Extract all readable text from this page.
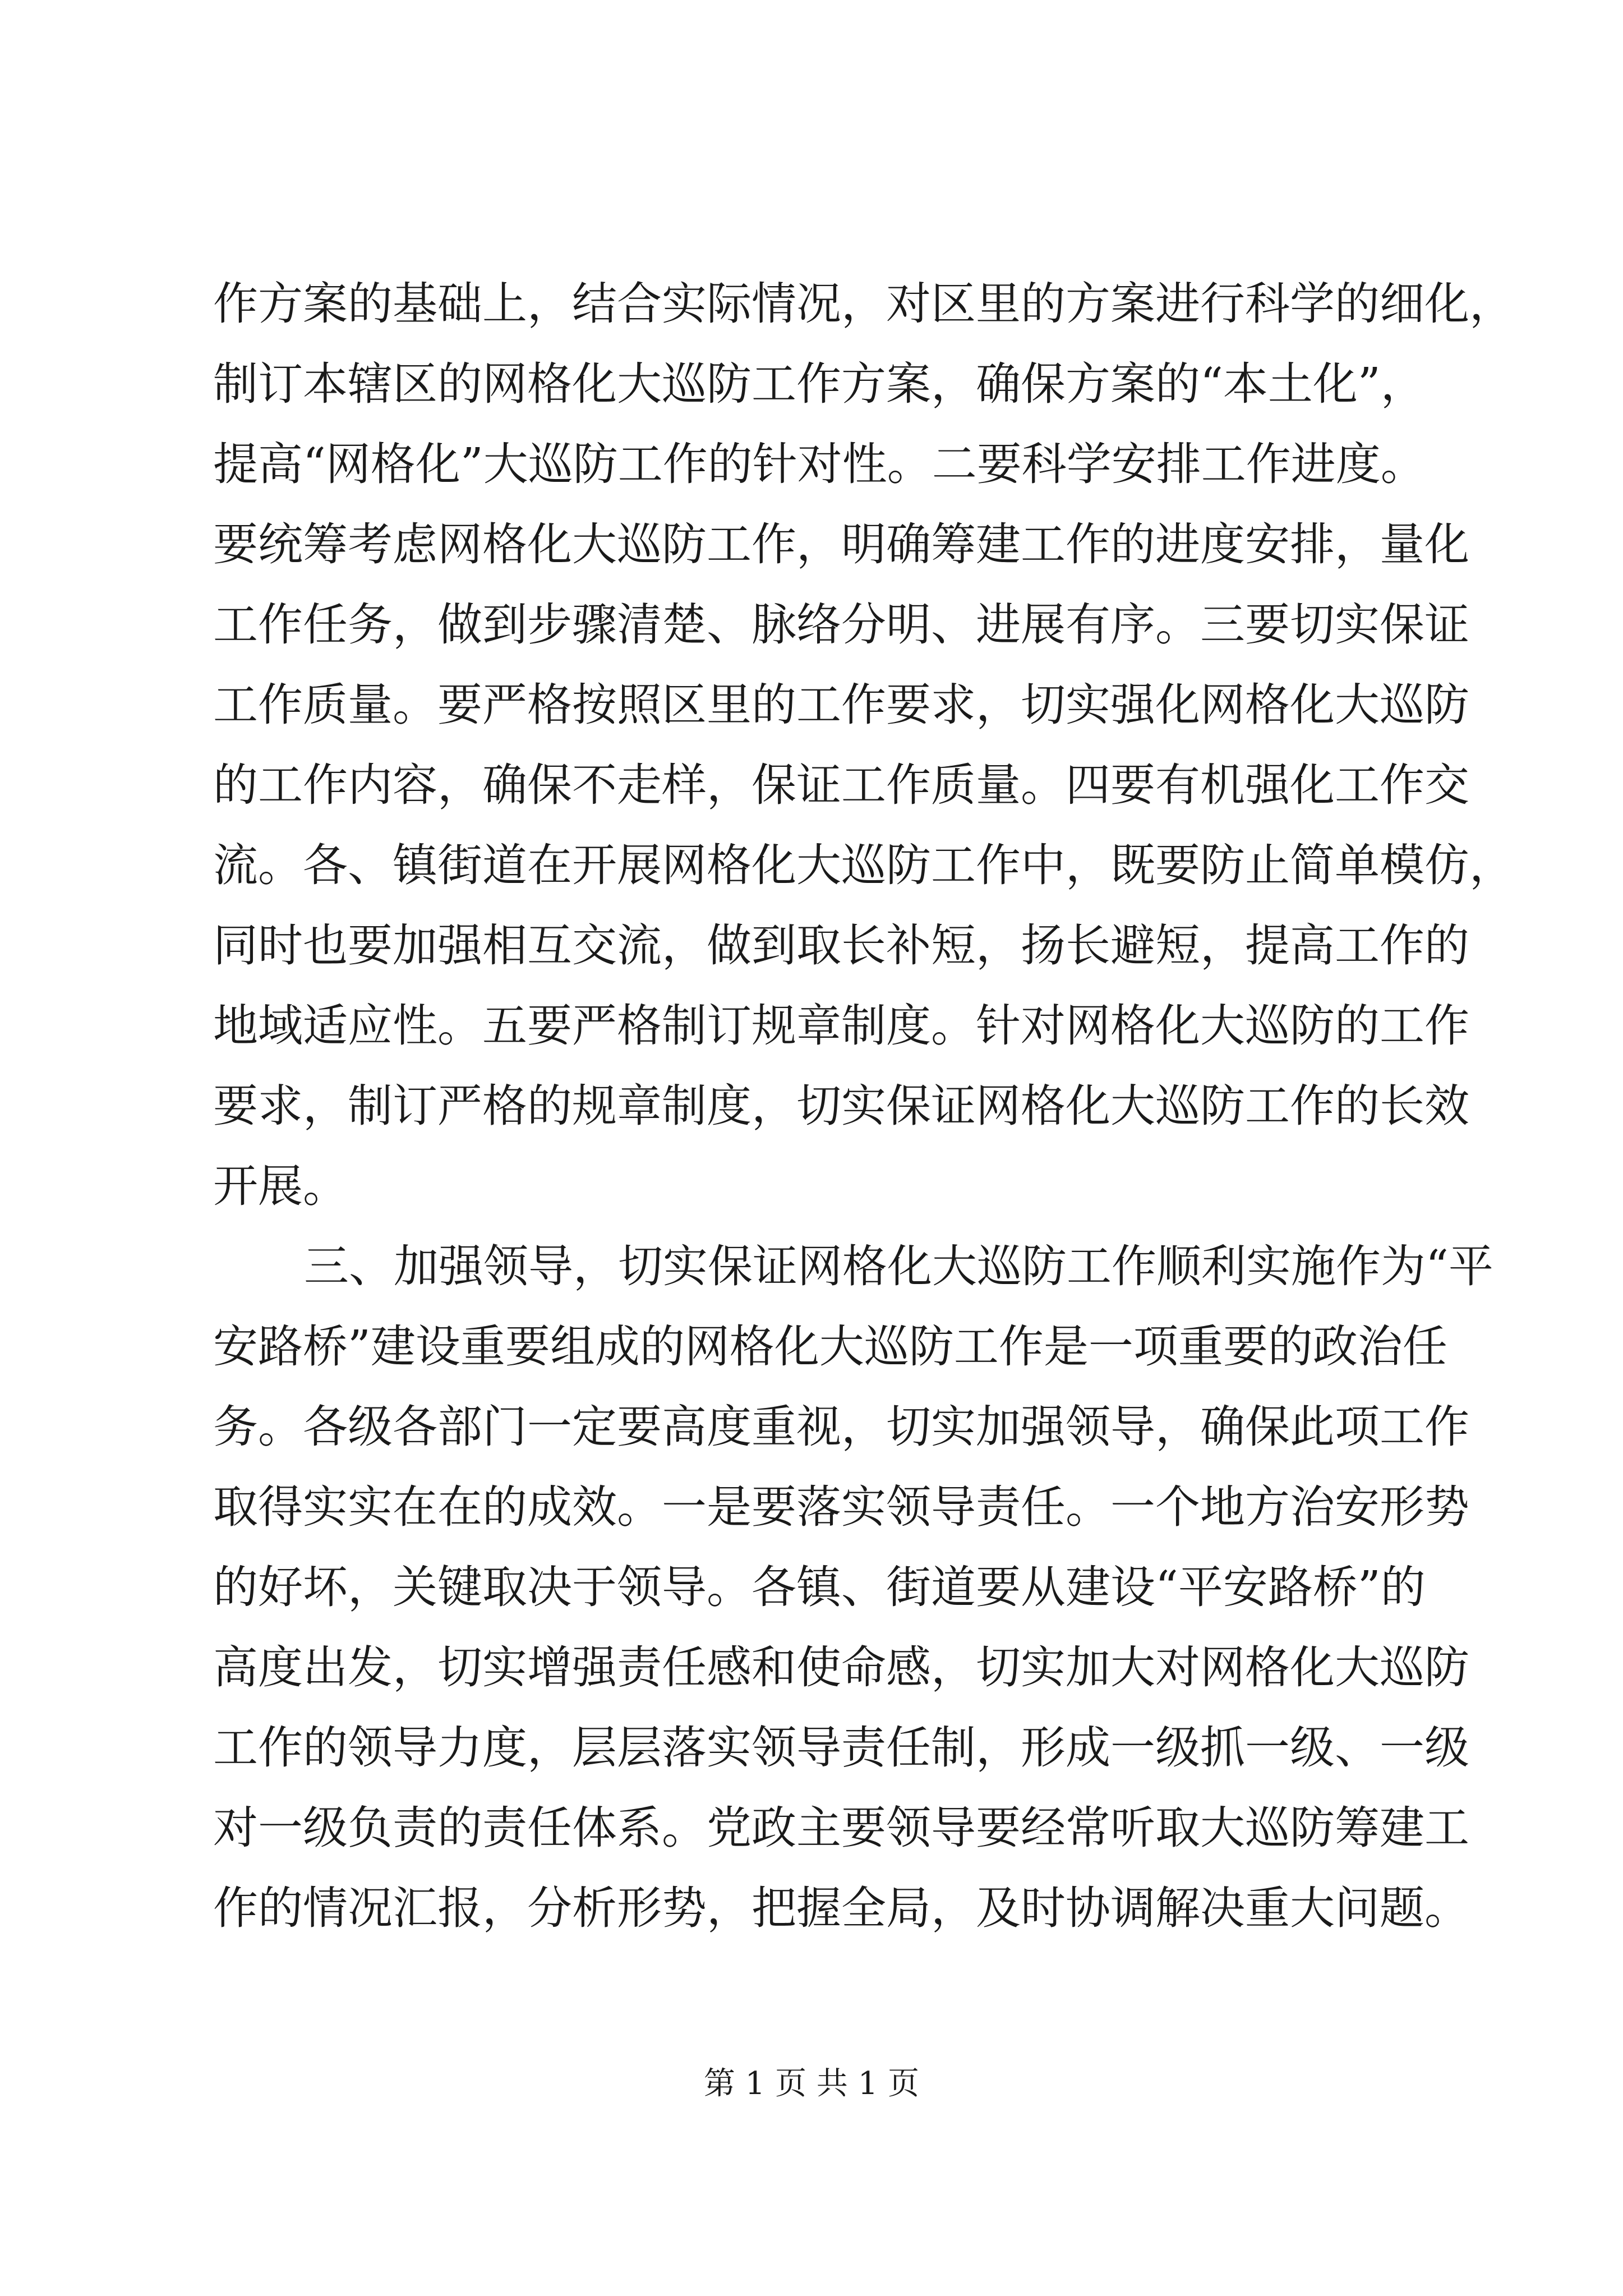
作方案的基础上，结合实际情况，对区里的方案进行科学的细化，
制订本辖区的网格化大巡防工作方案，确保方案的“本土化”，
提高“网格化”大巡防工作的针对性。二要科学安排工作进度。
要统筹考虑网格化大巡防工作，明确筹建工作的进度安排，量化
工作任务，做到步骤清楚、脉络分明、进展有序。三要切实保证
工作质量。要严格按照区里的工作要求，切实强化网格化大巡防
的工作内容，确保不走样，保证工作质量。四要有机强化工作交
流。各、镇街道在开展网格化大巡防工作中，既要防止简单模仿，
同时也要加强相互交流，做到取长补短，扬长避短，提高工作的
地域适应性。五要严格制订规章制度。针对网格化大巡防的工作
要求，制订严格的规章制度，切实保证网格化大巡防工作的长效
开展。
三、加强领导，切实保证网格化大巡防工作顺利实施作为“平
安路桥”建设重要组成的网格化大巡防工作是一项重要的政治任
务。各级各部门一定要高度重视，切实加强领导，确保此项工作
取得实实在在的成效。一是要落实领导责任。一个地方治安形势
的好坏，关键取决于领导。各镇、街道要从建设“平安路桥”的
高度出发，切实增强责任感和使命感，切实加大对网格化大巡防
工作的领导力度，层层落实领导责任制，形成一级抓一级、一级
对一级负责的责任体系。党政主要领导要经常听取大巡防筹建工
作的情况汇报，分析形势，把握全局，及时协调解决重大问题。
第 1 页 共 1 页
